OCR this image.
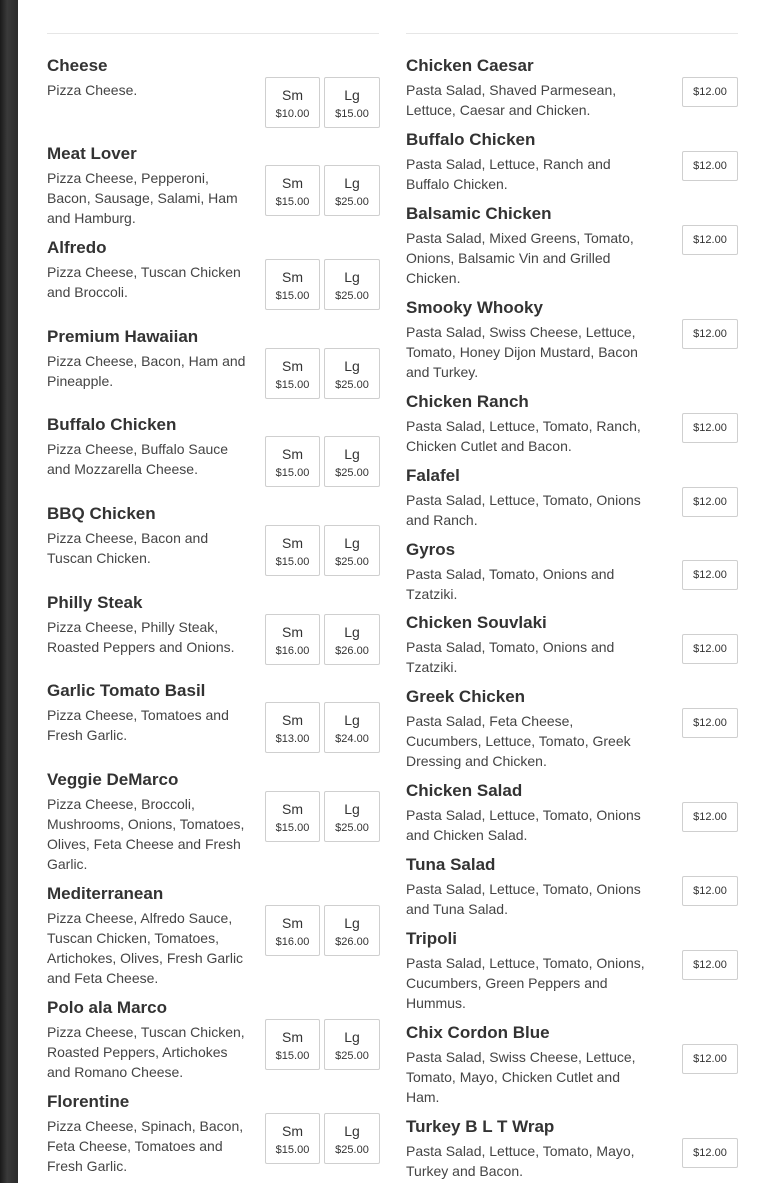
Cheese
Pizza Cheese.	Sm
$10.00
Lg
$15.00
Meat Lover
Pizza Cheese, Pepperoni, Bacon, Sausage, Salami, Ham and Hamburg.
Sm
$15.00
Lg
$25.00
Alfredo
Pizza Cheese, Tuscan Chicken and Broccoli.
Sm
$15.00
Lg
$25.00
Premium Hawaiian
Pizza Cheese, Bacon, Ham and Pineapple.
Sm
$15.00
Lg
$25.00
Buffalo Chicken
Pizza Cheese, Buffalo Sauce and Mozzarella Cheese.
Sm
$15.00
Lg
$25.00
BBQ Chicken
Pizza Cheese, Bacon and Tuscan Chicken.
Sm
$15.00
Lg
$25.00
Philly Steak
Pizza Cheese, Philly Steak, Roasted Peppers and Onions.
Sm
$16.00
Lg
$26.00
Garlic Tomato Basil
Pizza Cheese, Tomatoes and Fresh Garlic.
Sm
$13.00
Lg
$24.00
Veggie DeMarco
Pizza Cheese, Broccoli, Mushrooms, Onions, Tomatoes, Olives, Feta Cheese and Fresh Garlic.
Sm
$15.00
Lg
$25.00
Mediterranean
Pizza Cheese, Alfredo Sauce, Tuscan Chicken, Tomatoes, Artichokes, Olives, Fresh Garlic and Feta Cheese.
Sm
$16.00
Lg
$26.00
Polo ala Marco
Pizza Cheese, Tuscan Chicken, Roasted Peppers, Artichokes and Romano Cheese.
Sm
$15.00
Lg
$25.00
Florentine
Pizza Cheese, Spinach, Bacon, Feta Cheese, Tomatoes and Fresh Garlic.
Sm
$15.00
Lg
$25.00
Chicken Caesar
Pasta Salad, Shaved Parmesean, Lettuce, Caesar and Chicken.
$12.00
Buffalo Chicken
Pasta Salad, Lettuce, Ranch and Buffalo Chicken.
$12.00
Balsamic Chicken
Pasta Salad, Mixed Greens, Tomato, Onions, Balsamic Vin and Grilled Chicken.
$12.00
Smooky Whooky
Pasta Salad, Swiss Cheese, Lettuce, Tomato, Honey Dijon Mustard, Bacon and Turkey.
$12.00
Chicken Ranch
Pasta Salad, Lettuce, Tomato, Ranch, Chicken Cutlet and Bacon.
$12.00
Falafel
Pasta Salad, Lettuce, Tomato, Onions and Ranch.
$12.00
Gyros
Pasta Salad, Tomato, Onions and Tzatziki.
$12.00
Chicken Souvlaki
Pasta Salad, Tomato, Onions and Tzatziki.
$12.00
Greek Chicken
Pasta Salad, Feta Cheese, Cucumbers, Lettuce, Tomato, Greek Dressing and Chicken.
$12.00
Chicken Salad
Pasta Salad, Lettuce, Tomato, Onions and Chicken Salad.
$12.00
Tuna Salad
Pasta Salad, Lettuce, Tomato, Onions and Tuna Salad.
$12.00
Tripoli
Pasta Salad, Lettuce, Tomato, Onions, Cucumbers, Green Peppers and Hummus.
$12.00
Chix Cordon Blue
Pasta Salad, Swiss Cheese, Lettuce, Tomato, Mayo, Chicken Cutlet and Ham.
$12.00
Turkey B L T Wrap
Pasta Salad, Lettuce, Tomato, Mayo, Turkey and Bacon.
$12.00
